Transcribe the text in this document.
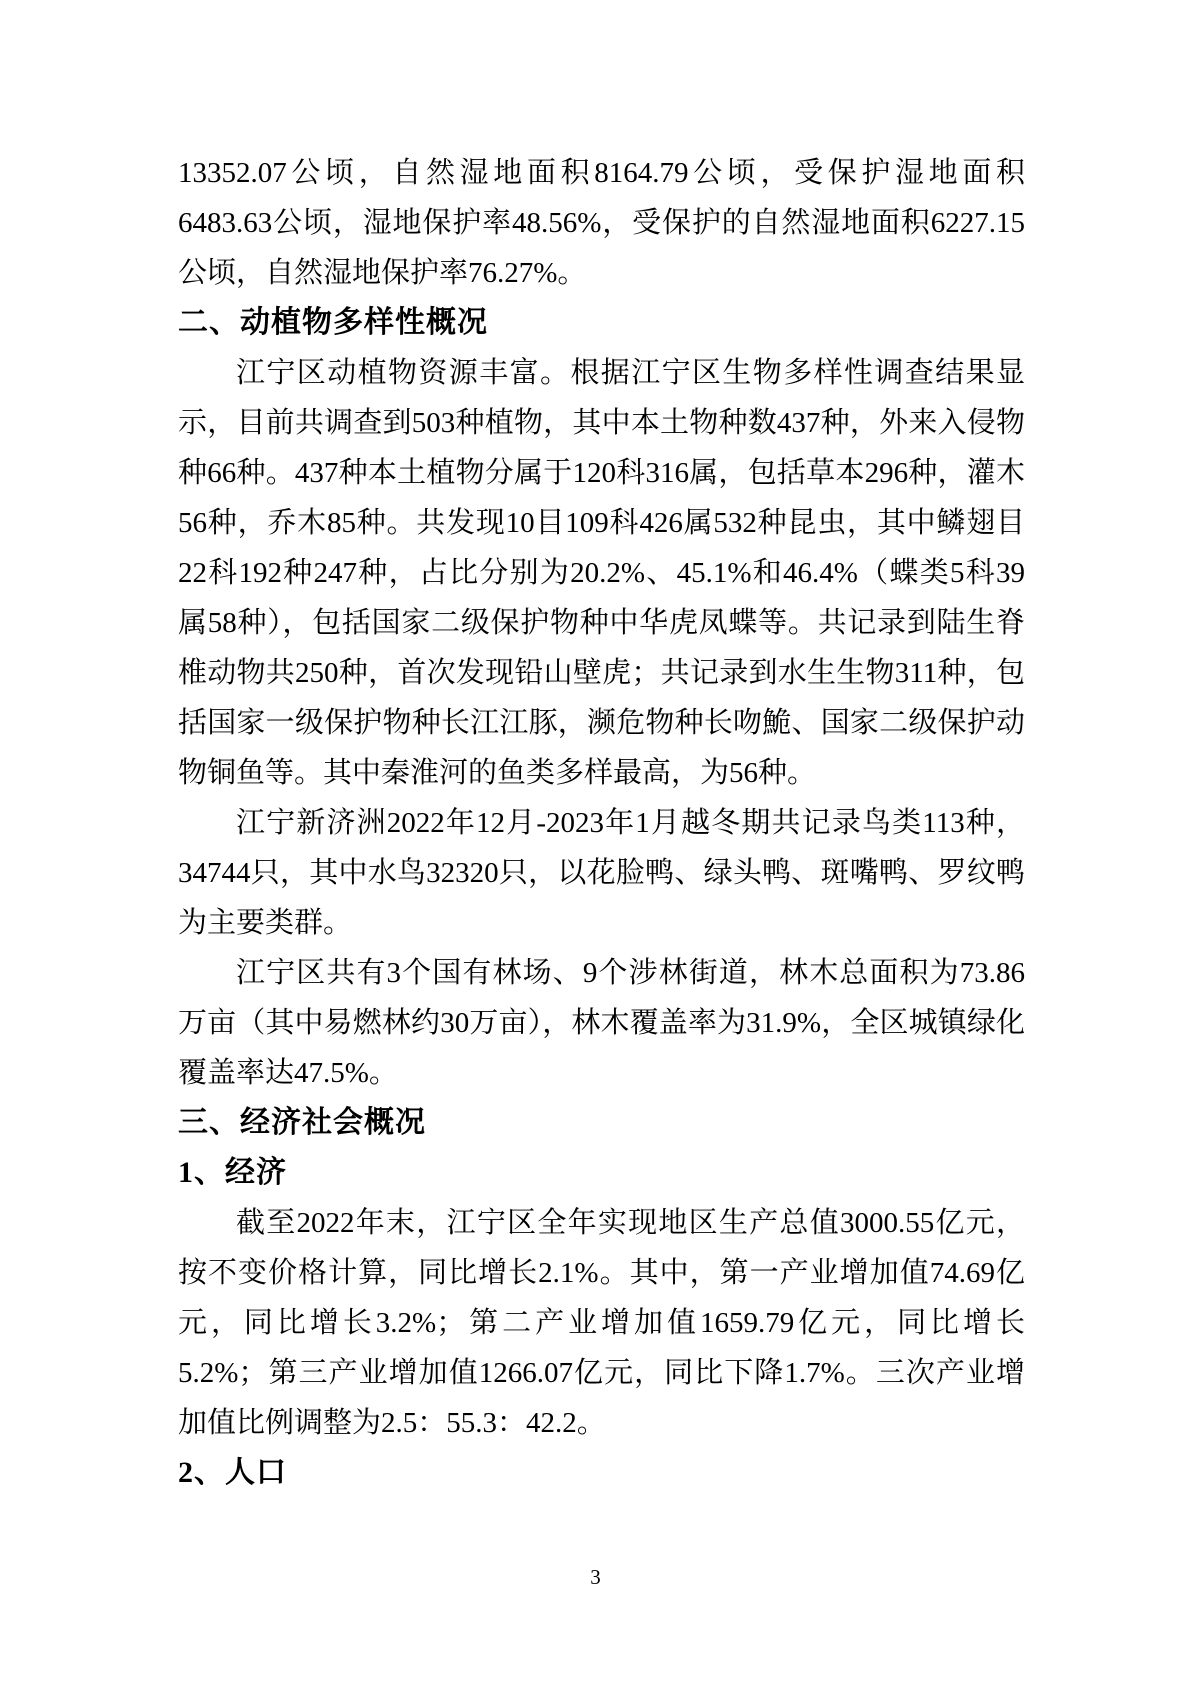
13352.07公顷，自然湿地面积8164.79公顷，受保护湿地面积6483.63公顷，湿地保护率48.56%，受保护的自然湿地面积6227.15公顷，自然湿地保护率76.27%。

二、动植物多样性概况

江宁区动植物资源丰富。根据江宁区生物多样性调查结果显示，目前共调查到503种植物，其中本土物种数437种，外来入侵物种66种。437种本土植物分属于120科316属，包括草本296种，灌木56种，乔木85种。共发现10目109科426属532种昆虫，其中鳞翅目22科192种247种，占比分别为20.2%、45.1%和46.4%（蝶类5科39属58种），包括国家二级保护物种中华虎凤蝶等。共记录到陆生脊椎动物共250种，首次发现铅山壁虎；共记录到水生生物311种，包括国家一级保护物种长江江豚，濒危物种长吻鮠、国家二级保护动物铜鱼等。其中秦淮河的鱼类多样最高，为56种。

江宁新济洲2022年12月-2023年1月越冬期共记录鸟类113种，34744只，其中水鸟32320只，以花脸鸭、绿头鸭、斑嘴鸭、罗纹鸭为主要类群。

江宁区共有3个国有林场、9个涉林街道，林木总面积为73.86万亩（其中易燃林约30万亩），林木覆盖率为31.9%，全区城镇绿化覆盖率达47.5%。

三、经济社会概况
1、经济

截至2022年末，江宁区全年实现地区生产总值3000.55亿元，按不变价格计算，同比增长2.1%。其中，第一产业增加值74.69亿元，同比增长3.2%；第二产业增加值1659.79亿元，同比增长5.2%；第三产业增加值1266.07亿元，同比下降1.7%。三次产业增加值比例调整为2.5：55.3：42.2。

2、人口
3
